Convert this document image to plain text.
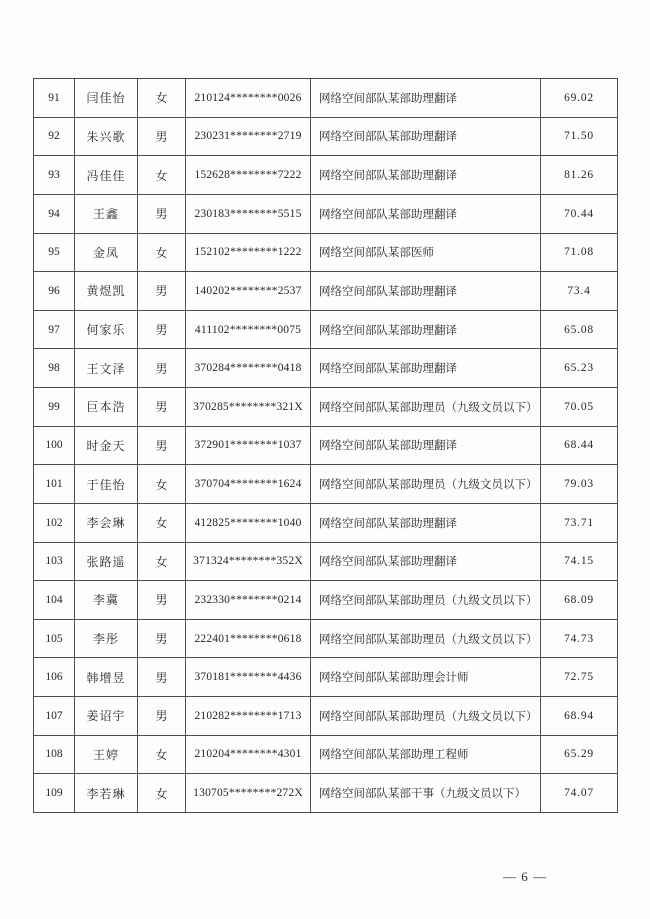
91	闫佳怡	女	210124********0026	网络空间部队某部助理翻译	69.02
92	朱兴歌	男	230231********2719	网络空间部队某部助理翻译	71.50
93	冯佳佳	女	152628********7222	网络空间部队某部助理翻译	81.26
94	王鑫	男	230183********5515	网络空间部队某部助理翻译	70.44
95	金凤	女	152102********1222	网络空间部队某部医师	71.08
96	黄煜凯	男	140202********2537	网络空间部队某部助理翻译	73.4
97	何家乐	男	411102********0075	网络空间部队某部助理翻译	65.08
98	王文泽	男	370284********0418	网络空间部队某部助理翻译	65.23
99	巨本浩	男	370285********321X	网络空间部队某部助理员（九级文员以下）	70.05
100	时金天	男	372901********1037	网络空间部队某部助理翻译	68.44
101	于佳怡	女	370704********1624	网络空间部队某部助理员（九级文员以下）	79.03
102	李会琳	女	412825********1040	网络空间部队某部助理翻译	73.71
103	张路遥	女	371324********352X	网络空间部队某部助理翻译	74.15
104	李冀	男	232330********0214	网络空间部队某部助理员（九级文员以下）	68.09
105	李彤	男	222401********0618	网络空间部队某部助理员（九级文员以下）	74.73
106	韩增昱	男	370181********4436	网络空间部队某部助理会计师	72.75
107	姜诏宇	男	210282********1713	网络空间部队某部助理员（九级文员以下）	68.94
108	王婷	女	210204********4301	网络空间部队某部助理工程师	65.29
109	李若琳	女	130705********272X	网络空间部队某部干事（九级文员以下）	74.07
— 6 —
